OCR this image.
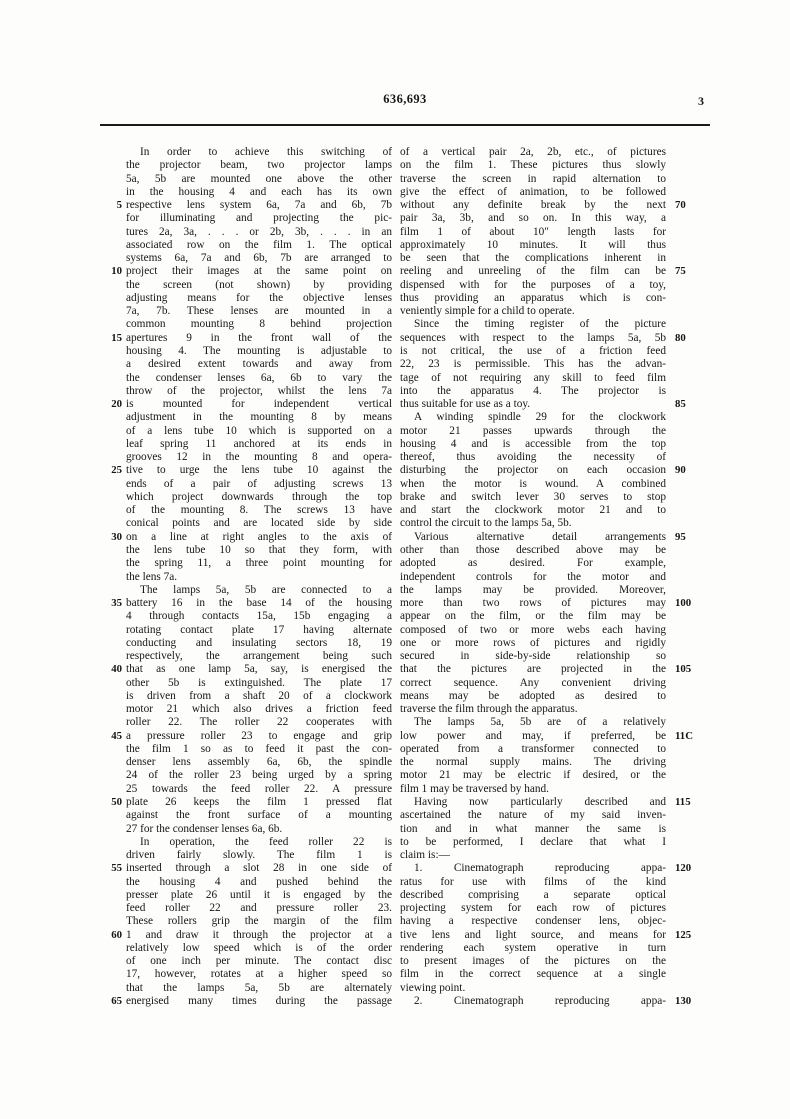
636,693	3
In order to achieve this switching of
the projector beam, two projector lamps
5a, 5b are mounted one above the other
in the housing 4 and each has its own
5 respective lens system 6a, 7a and 6b, 7b
for illuminating and projecting the pic-
tures 2a, 3a, . . . or 2b, 3b, . . . in an
associated row on the film 1. The optical
systems 6a, 7a and 6b, 7b are arranged to
10 project their images at the same point on
the screen (not shown) by providing
adjusting means for the objective lenses
7a, 7b. These lenses are mounted in a
common mounting 8 behind projection
15 apertures 9 in the front wall of the
housing 4. The mounting is adjustable to
a desired extent towards and away from
the condenser lenses 6a, 6b to vary the
throw of the projector, whilst the lens 7a
20 is mounted for independent vertical
adjustment in the mounting 8 by means
of a lens tube 10 which is supported on a
leaf spring 11 anchored at its ends in
grooves 12 in the mounting 8 and opera-
25 tive to urge the lens tube 10 against the
ends of a pair of adjusting screws 13
which project downwards through the top
of the mounting 8. The screws 13 have
conical points and are located side by side
30 on a line at right angles to the axis of
the lens tube 10 so that they form, with
the spring 11, a three point mounting for
the lens 7a.
The lamps 5a, 5b are connected to a
35 battery 16 in the base 14 of the housing
4 through contacts 15a, 15b engaging a
rotating contact plate 17 having alternate
conducting and insulating sectors 18, 19
respectively, the arrangement being such
40 that as one lamp 5a, say, is energised the
other 5b is extinguished. The plate 17
is driven from a shaft 20 of a clockwork
motor 21 which also drives a friction feed
roller 22. The roller 22 cooperates with
45 a pressure roller 23 to engage and grip
the film 1 so as to feed it past the con-
denser lens assembly 6a, 6b, the spindle
24 of the roller 23 being urged by a spring
25 towards the feed roller 22. A pressure
50 plate 26 keeps the film 1 pressed flat
against the front surface of a mounting
27 for the condenser lenses 6a, 6b.
In operation, the feed roller 22 is
driven fairly slowly. The film 1 is
55 inserted through a slot 28 in one side of
the housing 4 and pushed behind the
presser plate 26 until it is engaged by the
feed roller 22 and pressure roller 23.
These rollers grip the margin of the film
60 1 and draw it through the projector at a
relatively low speed which is of the order
of one inch per minute. The contact disc
17, however, rotates at a higher speed so
that the lamps 5a, 5b are alternately
65 energised many times during the passage
of a vertical pair 2a, 2b, etc., of pictures
on the film 1. These pictures thus slowly
traverse the screen in rapid alternation to
give the effect of animation, to be followed
70
without any definite break by the next
pair 3a, 3b, and so on. In this way, a
film 1 of about 10″ length lasts for
approximately 10 minutes. It will thus
be seen that the complications inherent in
75
reeling and unreeling of the film can be
dispensed with for the purposes of a toy,
thus providing an apparatus which is con-
veniently simple for a child to operate.
Since the timing register of the picture
80
sequences with respect to the lamps 5a, 5b
is not critical, the use of a friction feed
22, 23 is permissible. This has the advan-
tage of not requiring any skill to feed film
into the apparatus 4. The projector is
85
thus suitable for use as a toy.
A winding spindle 29 for the clockwork
motor 21 passes upwards through the
housing 4 and is accessible from the top
thereof, thus avoiding the necessity of
90
disturbing the projector on each occasion
when the motor is wound. A combined
brake and switch lever 30 serves to stop
and start the clockwork motor 21 and to
control the circuit to the lamps 5a, 5b.
95
Various alternative detail arrangements
other than those described above may be
adopted as desired. For example,
independent controls for the motor and
the lamps may be provided. Moreover,
100
more than two rows of pictures may
appear on the film, or the film may be
composed of two or more webs each having
one or more rows of pictures and rigidly
secured in side-by-side relationship so
105
that the pictures are projected in the
correct sequence. Any convenient driving
means may be adopted as desired to
traverse the film through the apparatus.
The lamps 5a, 5b are of a relatively
11C
low power and may, if preferred, be
operated from a transformer connected to
the normal supply mains. The driving
motor 21 may be electric if desired, or the
film 1 may be traversed by hand.
115
Having now particularly described and
ascertained the nature of my said inven-
tion and in what manner the same is
to be performed, I declare that what I
claim is:—
120
1. Cinematograph reproducing appa-
ratus for use with films of the kind
described comprising a separate optical
projecting system for each row of pictures
having a respective condenser lens, objec-
125
tive lens and light source, and means for
rendering each system operative in turn
to present images of the pictures on the
film in the correct sequence at a single
viewing point.
130
2. Cinematograph reproducing appa-
